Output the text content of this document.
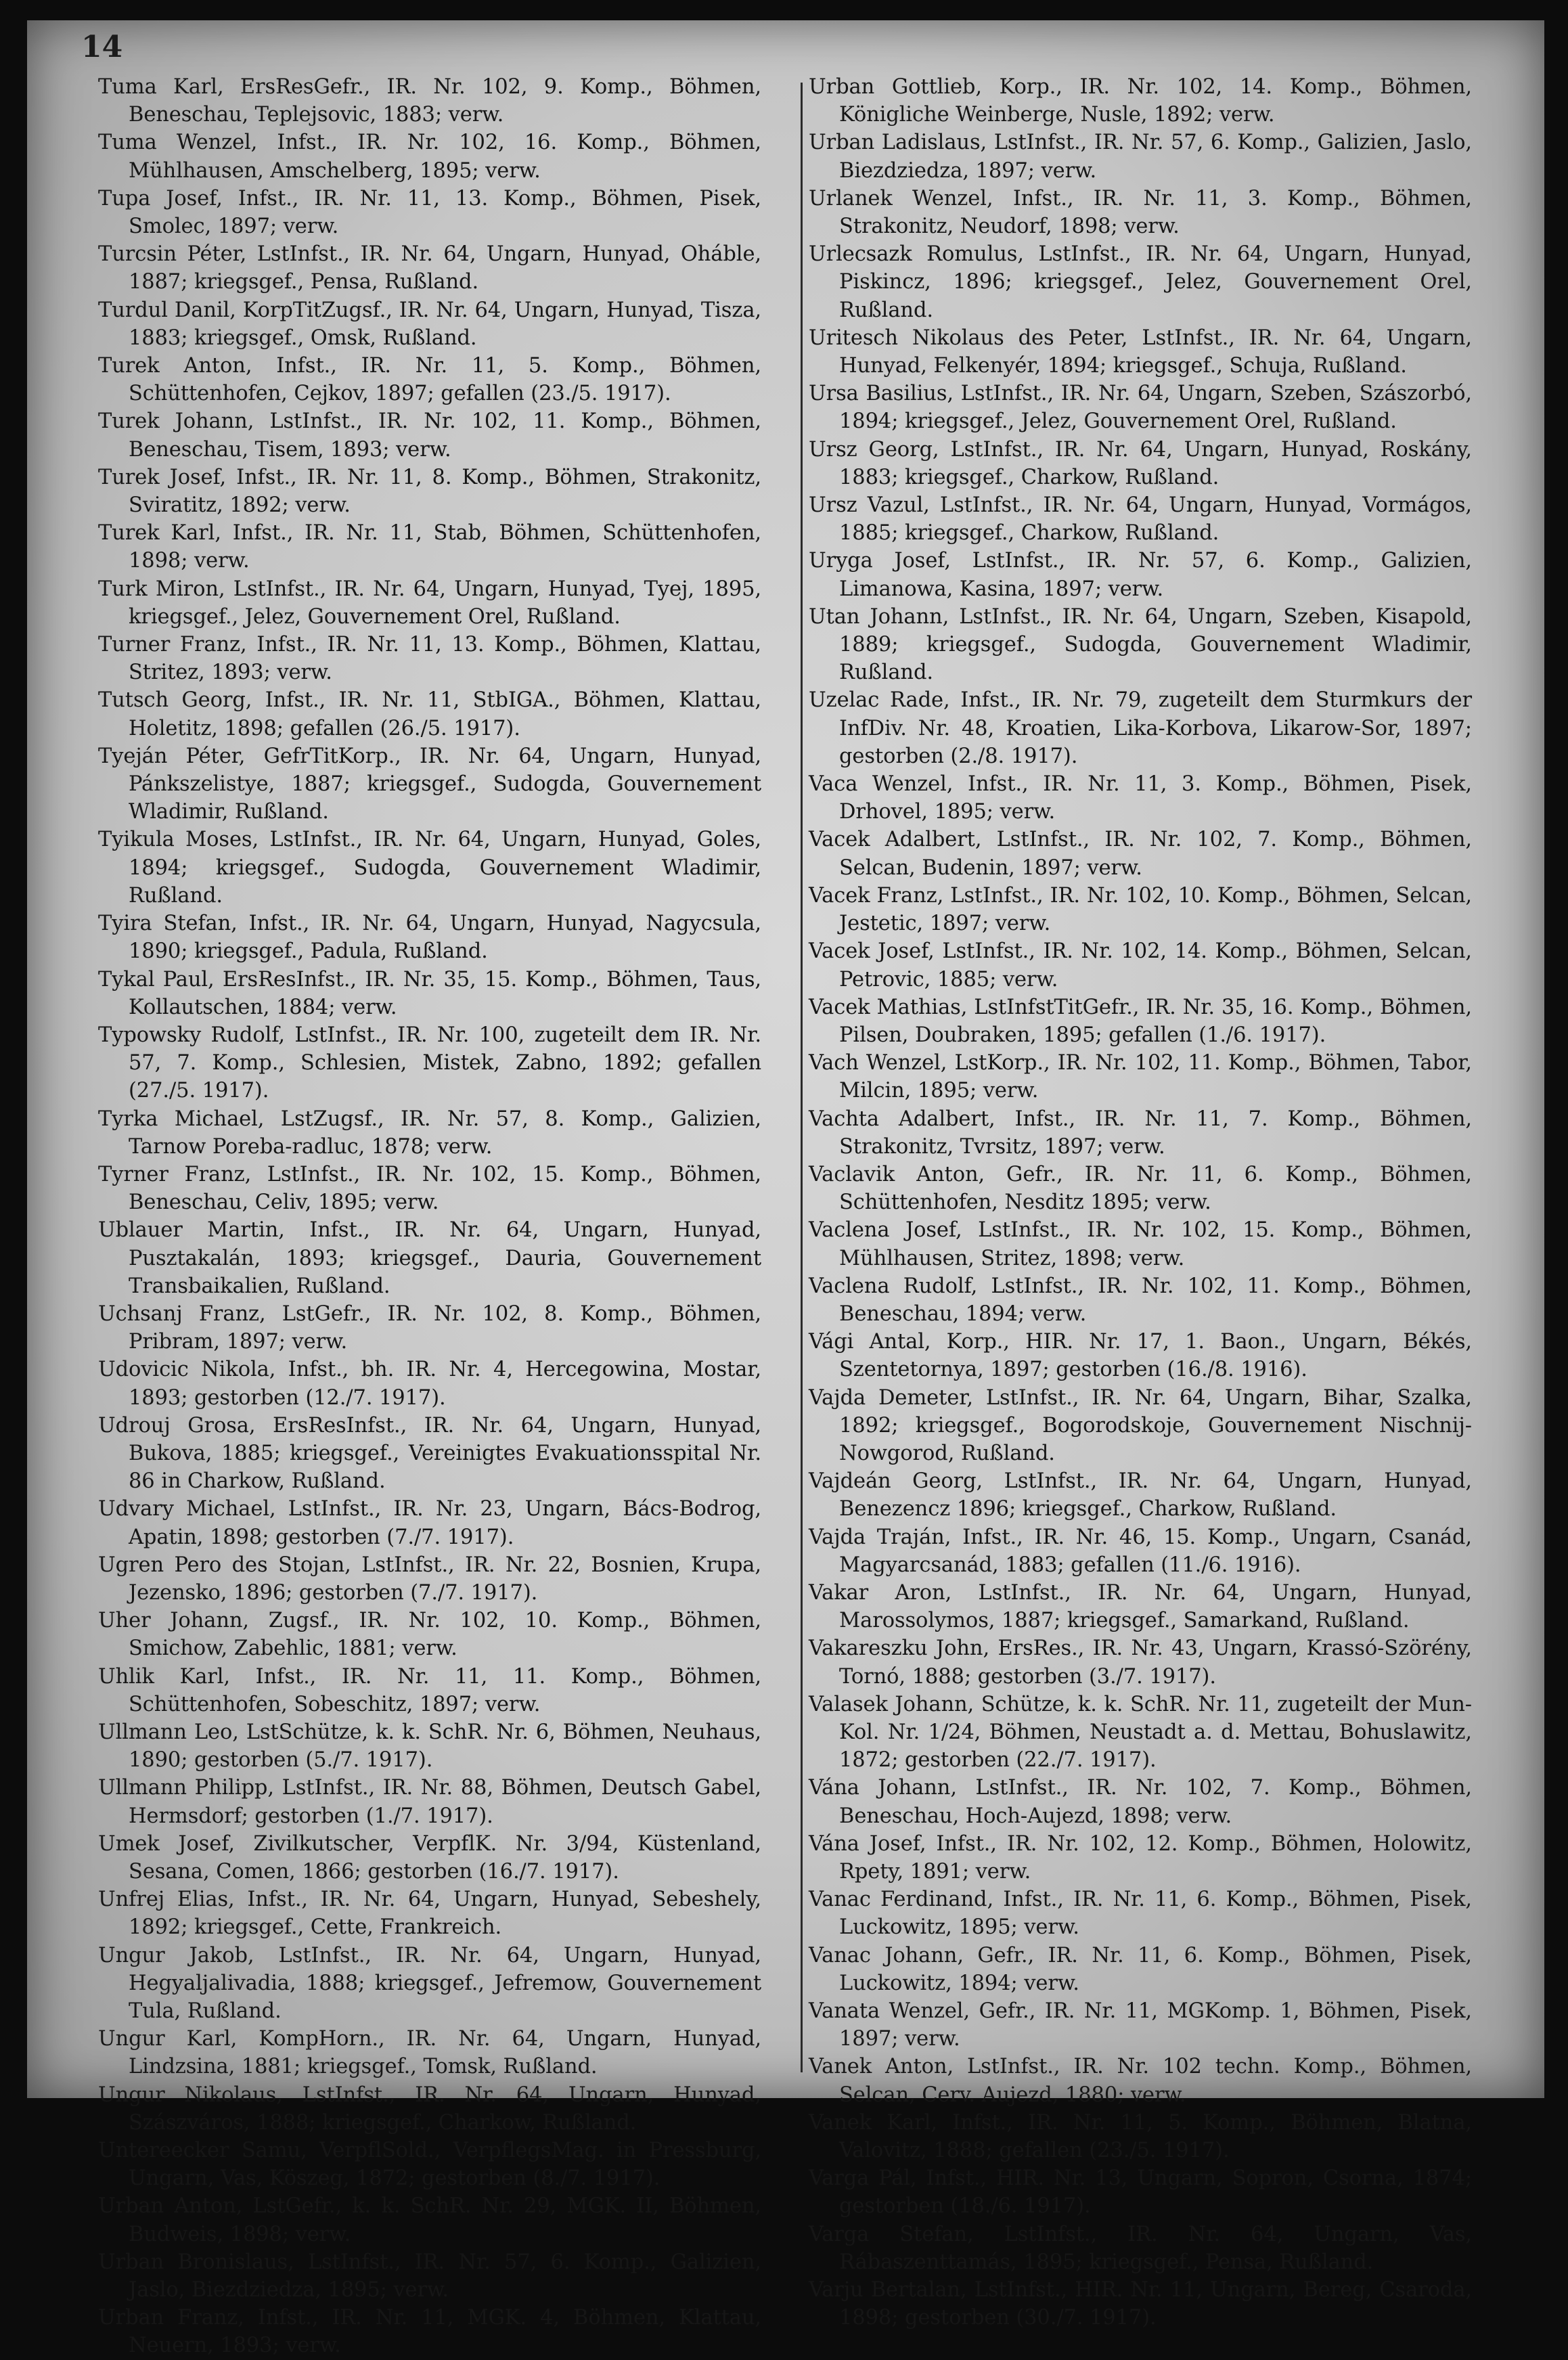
14
Tuma Karl, ErsResGefr., IR. Nr. 102, 9. Komp., Böhmen, Beneschau, Teplejsovic, 1883; verw.
Tuma Wenzel, Infst., IR. Nr. 102, 16. Komp., Böhmen, Mühlhausen, Amschelberg, 1895; verw.
Tupa Josef, Infst., IR. Nr. 11, 13. Komp., Böhmen, Pisek, Smolec, 1897; verw.
Turcsin Péter, LstInfst., IR. Nr. 64, Ungarn, Hunyad, Oháble, 1887; kriegsgef., Pensa, Rußland.
Turdul Danil, KorpTitZugsf., IR. Nr. 64, Ungarn, Hunyad, Tisza, 1883; kriegsgef., Omsk, Rußland.
Turek Anton, Infst., IR. Nr. 11, 5. Komp., Böhmen, Schüttenhofen, Cejkov, 1897; gefallen (23./5. 1917).
Turek Johann, LstInfst., IR. Nr. 102, 11. Komp., Böhmen, Beneschau, Tisem, 1893; verw.
Turek Josef, Infst., IR. Nr. 11, 8. Komp., Böhmen, Strakonitz, Sviratitz, 1892; verw.
Turek Karl, Infst., IR. Nr. 11, Stab, Böhmen, Schüttenhofen, 1898; verw.
Turk Miron, LstInfst., IR. Nr. 64, Ungarn, Hunyad, Tyej, 1895, kriegsgef., Jelez, Gouvernement Orel, Rußland.
Turner Franz, Infst., IR. Nr. 11, 13. Komp., Böhmen, Klattau, Stritez, 1893; verw.
Tutsch Georg, Infst., IR. Nr. 11, StbIGA., Böhmen, Klattau, Holetitz, 1898; gefallen (26./5. 1917).
Tyeján Péter, GefrTitKorp., IR. Nr. 64, Ungarn, Hunyad, Pánkszelistye, 1887; kriegsgef., Sudogda, Gouvernement Wladimir, Rußland.
Tyikula Moses, LstInfst., IR. Nr. 64, Ungarn, Hunyad, Goles, 1894; kriegsgef., Sudogda, Gouvernement Wladimir, Rußland.
Tyira Stefan, Infst., IR. Nr. 64, Ungarn, Hunyad, Nagycsula, 1890; kriegsgef., Padula, Rußland.
Tykal Paul, ErsResInfst., IR. Nr. 35, 15. Komp., Böhmen, Taus, Kollautschen, 1884; verw.
Typowsky Rudolf, LstInfst., IR. Nr. 100, zugeteilt dem IR. Nr. 57, 7. Komp., Schlesien, Mistek, Zabno, 1892; gefallen (27./5. 1917).
Tyrka Michael, LstZugsf., IR. Nr. 57, 8. Komp., Galizien, Tarnow Poreba-radluc, 1878; verw.
Tyrner Franz, LstInfst., IR. Nr. 102, 15. Komp., Böhmen, Beneschau, Celiv, 1895; verw.
Ublauer Martin, Infst., IR. Nr. 64, Ungarn, Hunyad, Pusztakalán, 1893; kriegsgef., Dauria, Gouvernement Transbaikalien, Rußland.
Uchsanj Franz, LstGefr., IR. Nr. 102, 8. Komp., Böhmen, Pribram, 1897; verw.
Udovicic Nikola, Infst., bh. IR. Nr. 4, Hercegowina, Mostar, 1893; gestorben (12./7. 1917).
Udrouj Grosa, ErsResInfst., IR. Nr. 64, Ungarn, Hunyad, Bukova, 1885; kriegsgef., Vereinigtes Evakuationsspital Nr. 86 in Charkow, Rußland.
Udvary Michael, LstInfst., IR. Nr. 23, Ungarn, Bács-Bodrog, Apatin, 1898; gestorben (7./7. 1917).
Ugren Pero des Stojan, LstInfst., IR. Nr. 22, Bosnien, Krupa, Jezensko, 1896; gestorben (7./7. 1917).
Uher Johann, Zugsf., IR. Nr. 102, 10. Komp., Böhmen, Smichow, Zabehlic, 1881; verw.
Uhlik Karl, Infst., IR. Nr. 11, 11. Komp., Böhmen, Schüttenhofen, Sobeschitz, 1897; verw.
Ullmann Leo, LstSchütze, k. k. SchR. Nr. 6, Böhmen, Neuhaus, 1890; gestorben (5./7. 1917).
Ullmann Philipp, LstInfst., IR. Nr. 88, Böhmen, Deutsch Gabel, Hermsdorf; gestorben (1./7. 1917).
Umek Josef, Zivilkutscher, VerpflK. Nr. 3/94, Küstenland, Sesana, Comen, 1866; gestorben (16./7. 1917).
Unfrej Elias, Infst., IR. Nr. 64, Ungarn, Hunyad, Sebeshely, 1892; kriegsgef., Cette, Frankreich.
Ungur Jakob, LstInfst., IR. Nr. 64, Ungarn, Hunyad, Hegyaljalivadia, 1888; kriegsgef., Jefremow, Gouvernement Tula, Rußland.
Ungur Karl, KompHorn., IR. Nr. 64, Ungarn, Hunyad, Lindzsina, 1881; kriegsgef., Tomsk, Rußland.
Ungur Nikolaus, LstInfst., IR. Nr. 64, Ungarn, Hunyad, Szászváros, 1888; kriegsgef., Charkow, Rußland.
Untereecker Samu, VerpflSold., VerpflegsMag. in Pressburg, Ungarn, Vas, Köszeg, 1872; gestorben (8./7. 1917).
Urban Anton, LstGefr., k. k. SchR. Nr. 29, MGK. II, Böhmen, Budweis, 1898; verw.
Urban Bronislaus, LstInfst., IR. Nr. 57, 6. Komp., Galizien, Jaslo, Biezdziedza, 1895; verw.
Urban Franz, Infst., IR. Nr. 11, MGK. 4, Böhmen, Klattau, Neuern, 1893; verw.
Urban Gottlieb, Korp., IR. Nr. 102, 14. Komp., Böhmen, Königliche Weinberge, Nusle, 1892; verw.
Urban Ladislaus, LstInfst., IR. Nr. 57, 6. Komp., Galizien, Jaslo, Biezdziedza, 1897; verw.
Urlanek Wenzel, Infst., IR. Nr. 11, 3. Komp., Böhmen, Strakonitz, Neudorf, 1898; verw.
Urlecsazk Romulus, LstInfst., IR. Nr. 64, Ungarn, Hunyad, Piskincz, 1896; kriegsgef., Jelez, Gouvernement Orel, Rußland.
Uritesch Nikolaus des Peter, LstInfst., IR. Nr. 64, Ungarn, Hunyad, Felkenyér, 1894; kriegsgef., Schuja, Rußland.
Ursa Basilius, LstInfst., IR. Nr. 64, Ungarn, Szeben, Szászorbó, 1894; kriegsgef., Jelez, Gouvernement Orel, Rußland.
Ursz Georg, LstInfst., IR. Nr. 64, Ungarn, Hunyad, Roskány, 1883; kriegsgef., Charkow, Rußland.
Ursz Vazul, LstInfst., IR. Nr. 64, Ungarn, Hunyad, Vormágos, 1885; kriegsgef., Charkow, Rußland.
Uryga Josef, LstInfst., IR. Nr. 57, 6. Komp., Galizien, Limanowa, Kasina, 1897; verw.
Utan Johann, LstInfst., IR. Nr. 64, Ungarn, Szeben, Kisapold, 1889; kriegsgef., Sudogda, Gouvernement Wladimir, Rußland.
Uzelac Rade, Infst., IR. Nr. 79, zugeteilt dem Sturmkurs der InfDiv. Nr. 48, Kroatien, Lika-Korbova, Likarow-Sor, 1897; gestorben (2./8. 1917).
Vaca Wenzel, Infst., IR. Nr. 11, 3. Komp., Böhmen, Pisek, Drhovel, 1895; verw.
Vacek Adalbert, LstInfst., IR. Nr. 102, 7. Komp., Böhmen, Selcan, Budenin, 1897; verw.
Vacek Franz, LstInfst., IR. Nr. 102, 10. Komp., Böhmen, Selcan, Jestetic, 1897; verw.
Vacek Josef, LstInfst., IR. Nr. 102, 14. Komp., Böhmen, Selcan, Petrovic, 1885; verw.
Vacek Mathias, LstInfstTitGefr., IR. Nr. 35, 16. Komp., Böhmen, Pilsen, Doubraken, 1895; gefallen (1./6. 1917).
Vach Wenzel, LstKorp., IR. Nr. 102, 11. Komp., Böhmen, Tabor, Milcin, 1895; verw.
Vachta Adalbert, Infst., IR. Nr. 11, 7. Komp., Böhmen, Strakonitz, Tvrsitz, 1897; verw.
Vaclavik Anton, Gefr., IR. Nr. 11, 6. Komp., Böhmen, Schüttenhofen, Nesditz 1895; verw.
Vaclena Josef, LstInfst., IR. Nr. 102, 15. Komp., Böhmen, Mühlhausen, Stritez, 1898; verw.
Vaclena Rudolf, LstInfst., IR. Nr. 102, 11. Komp., Böhmen, Beneschau, 1894; verw.
Vági Antal, Korp., HIR. Nr. 17, 1. Baon., Ungarn, Békés, Szentetornya, 1897; gestorben (16./8. 1916).
Vajda Demeter, LstInfst., IR. Nr. 64, Ungarn, Bihar, Szalka, 1892; kriegsgef., Bogorodskoje, Gouvernement Nischnij-Nowgorod, Rußland.
Vajdeán Georg, LstInfst., IR. Nr. 64, Ungarn, Hunyad, Benezencz 1896; kriegsgef., Charkow, Rußland.
Vajda Traján, Infst., IR. Nr. 46, 15. Komp., Ungarn, Csanád, Magyarcsanád, 1883; gefallen (11./6. 1916).
Vakar Aron, LstInfst., IR. Nr. 64, Ungarn, Hunyad, Marossolymos, 1887; kriegsgef., Samarkand, Rußland.
Vakareszku John, ErsRes., IR. Nr. 43, Ungarn, Krassó-Szörény, Tornó, 1888; gestorben (3./7. 1917).
Valasek Johann, Schütze, k. k. SchR. Nr. 11, zugeteilt der Mun-Kol. Nr. 1/24, Böhmen, Neustadt a. d. Mettau, Bohuslawitz, 1872; gestorben (22./7. 1917).
Vána Johann, LstInfst., IR. Nr. 102, 7. Komp., Böhmen, Beneschau, Hoch-Aujezd, 1898; verw.
Vána Josef, Infst., IR. Nr. 102, 12. Komp., Böhmen, Holowitz, Rpety, 1891; verw.
Vanac Ferdinand, Infst., IR. Nr. 11, 6. Komp., Böhmen, Pisek, Luckowitz, 1895; verw.
Vanac Johann, Gefr., IR. Nr. 11, 6. Komp., Böhmen, Pisek, Luckowitz, 1894; verw.
Vanata Wenzel, Gefr., IR. Nr. 11, MGKomp. 1, Böhmen, Pisek, 1897; verw.
Vanek Anton, LstInfst., IR. Nr. 102 techn. Komp., Böhmen, Selcan, Cerv. Aujezd, 1880; verw.
Vanek Karl, Infst., IR. Nr. 11, 5. Komp., Böhmen, Blatna, Valovitz, 1888; gefallen (23./5. 1917).
Varga Pál, Infst., HIR. Nr. 13, Ungarn, Sopron, Csorna, 1874; gestorben (18./6. 1917).
Varga Stefan, LstInfst., IR. Nr. 64, Ungarn, Vas, Rábaszenttamás, 1895; kriegsgef., Pensa, Rußland.
Varju Bertalan, LstInfst., HIR. Nr. 11, Ungarn, Bereg, Csaroda, 1898; gestorben (30./7. 1917).
